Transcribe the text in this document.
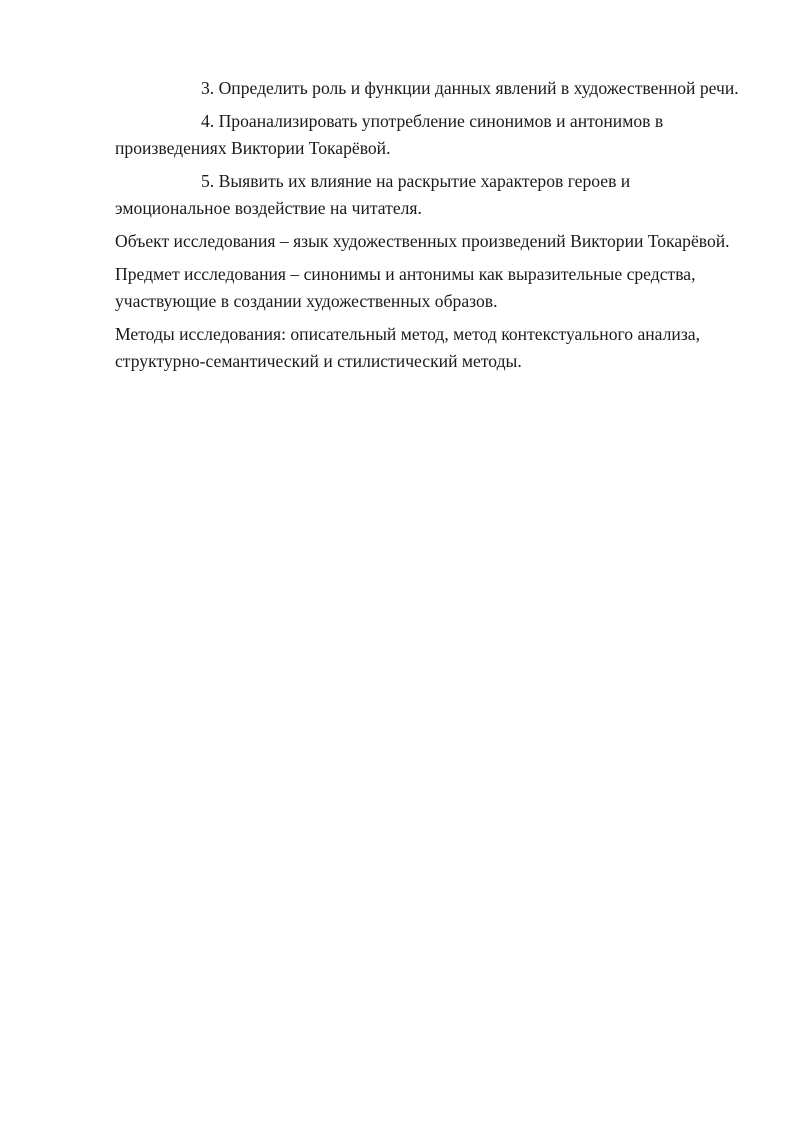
3. Определить роль и функции данных явлений в художественной речи.

4. Проанализировать употребление синонимов и антонимов в произведениях Виктории Токарёвой.

5. Выявить их влияние на раскрытие характеров героев и эмоциональное воздействие на читателя.

Объект исследования – язык художественных произведений Виктории Токарёвой.

Предмет исследования – синонимы и антонимы как выразительные средства, участвующие в создании художественных образов.

Методы исследования: описательный метод, метод контекстуального анализа, структурно-семантический и стилистический методы.
